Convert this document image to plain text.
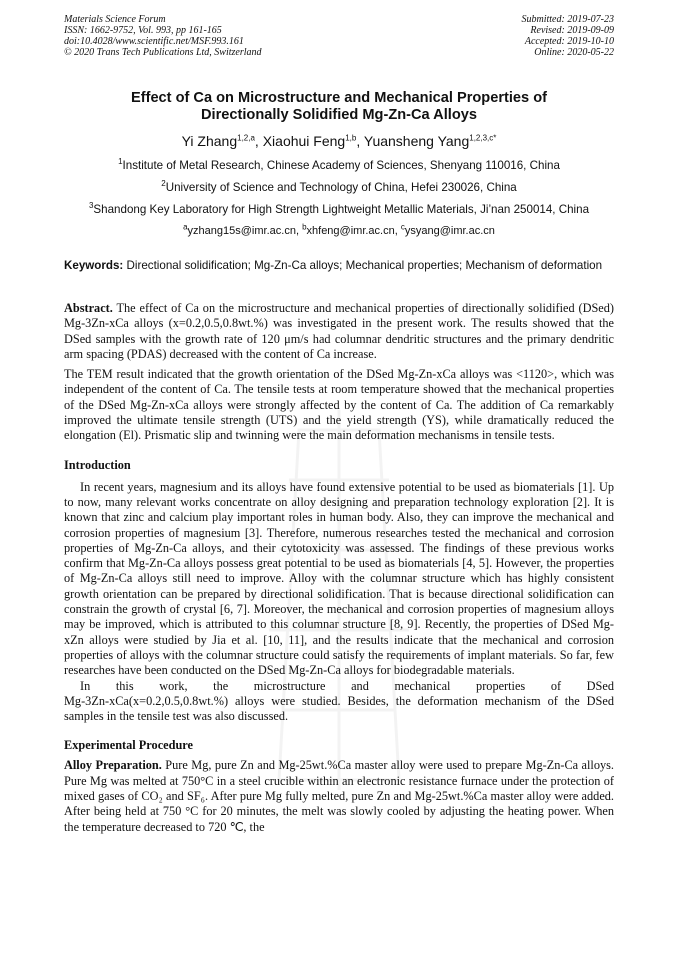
Materials Science Forum
ISSN: 1662-9752, Vol. 993, pp 161-165
doi:10.4028/www.scientific.net/MSF.993.161
© 2020 Trans Tech Publications Ltd, Switzerland
Submitted: 2019-07-23
Revised: 2019-09-09
Accepted: 2019-10-10
Online: 2020-05-22
Effect of Ca on Microstructure and Mechanical Properties of
Directionally Solidified Mg-Zn-Ca Alloys
Yi Zhang$^{1,2,a}$, Xiaohui Feng$^{1,b}$, Yuansheng Yang$^{1,2,3,c*}$
$^1$Institute of Metal Research, Chinese Academy of Sciences, Shenyang 110016, China
$^2$University of Science and Technology of China, Hefei 230026, China
$^3$Shandong Key Laboratory for High Strength Lightweight Metallic Materials, Ji’nan 250014, China
$^a$yzhang15s@imr.ac.cn, $^b$xhfeng@imr.ac.cn, $^c$ysyang@imr.ac.cn
Keywords: Directional solidification; Mg-Zn-Ca alloys; Mechanical properties; Mechanism of deformation

Abstract. The effect of Ca on the microstructure and mechanical properties of directionally solidified (DSed) Mg-3Zn-xCa alloys (x=0.2,0.5,0.8wt.%) was investigated in the present work. The results showed that the DSed samples with the growth rate of 120 μm/s had columnar dendritic structures and the primary dendritic arm spacing (PDAS) decreased with the content of Ca increase.

The TEM result indicated that the growth orientation of the DSed Mg-Zn-xCa alloys was <1120>, which was independent of the content of Ca. The tensile tests at room temperature showed that the mechanical properties of the DSed Mg-Zn-xCa alloys were strongly affected by the content of Ca. The addition of Ca remarkably improved the ultimate tensile strength (UTS) and the yield strength (YS), while dramatically reduced the elongation (El). Prismatic slip and twinning were the main deformation mechanisms in tensile tests.

Introduction

In recent years, magnesium and its alloys have found extensive potential to be used as biomaterials [1]. Up to now, many relevant works concentrate on alloy designing and preparation technology exploration [2]. It is known that zinc and calcium play important roles in human body. Also, they can improve the mechanical and corrosion properties of magnesium [3]. Therefore, numerous researches tested the mechanical and corrosion properties of Mg-Zn-Ca alloys, and their cytotoxicity was assessed. The findings of these previous works confirm that Mg-Zn-Ca alloys possess great potential to be used as biomaterials [4, 5]. However, the properties of Mg-Zn-Ca alloys still need to improve. Alloy with the columnar structure which has highly consistent growth orientation can be prepared by directional solidification. That is because directional solidification can constrain the growth of crystal [6, 7]. Moreover, the mechanical and corrosion properties of magnesium alloys may be improved, which is attributed to this columnar structure [8, 9]. Recently, the properties of DSed Mg-xZn alloys were studied by Jia et al. [10, 11], and the results indicate that the mechanical and corrosion properties of alloys with the columnar structure could satisfy the requirements of implant materials. So far, few researches have been conducted on the DSed Mg-Zn-Ca alloys for biodegradable materials.

In this work, the microstructure and mechanical properties of DSed

Mg-3Zn-xCa(x=0.2,0.5,0.8wt.%) alloys were studied. Besides, the deformation mechanism of the DSed samples in the tensile test was also discussed.

Experimental Procedure

Alloy Preparation. Pure Mg, pure Zn and Mg-25wt.%Ca master alloy were used to prepare Mg-Zn-Ca alloys. Pure Mg was melted at 750°C in a steel crucible within an electronic resistance furnace under the protection of mixed gases of CO₂ and SF₆. After pure Mg fully melted, pure Zn and Mg-25wt.%Ca master alloy were added. After being held at 750 °C for 20 minutes, the melt was slowly cooled by adjusting the heating power. When the temperature decreased to 720 ℃, the
